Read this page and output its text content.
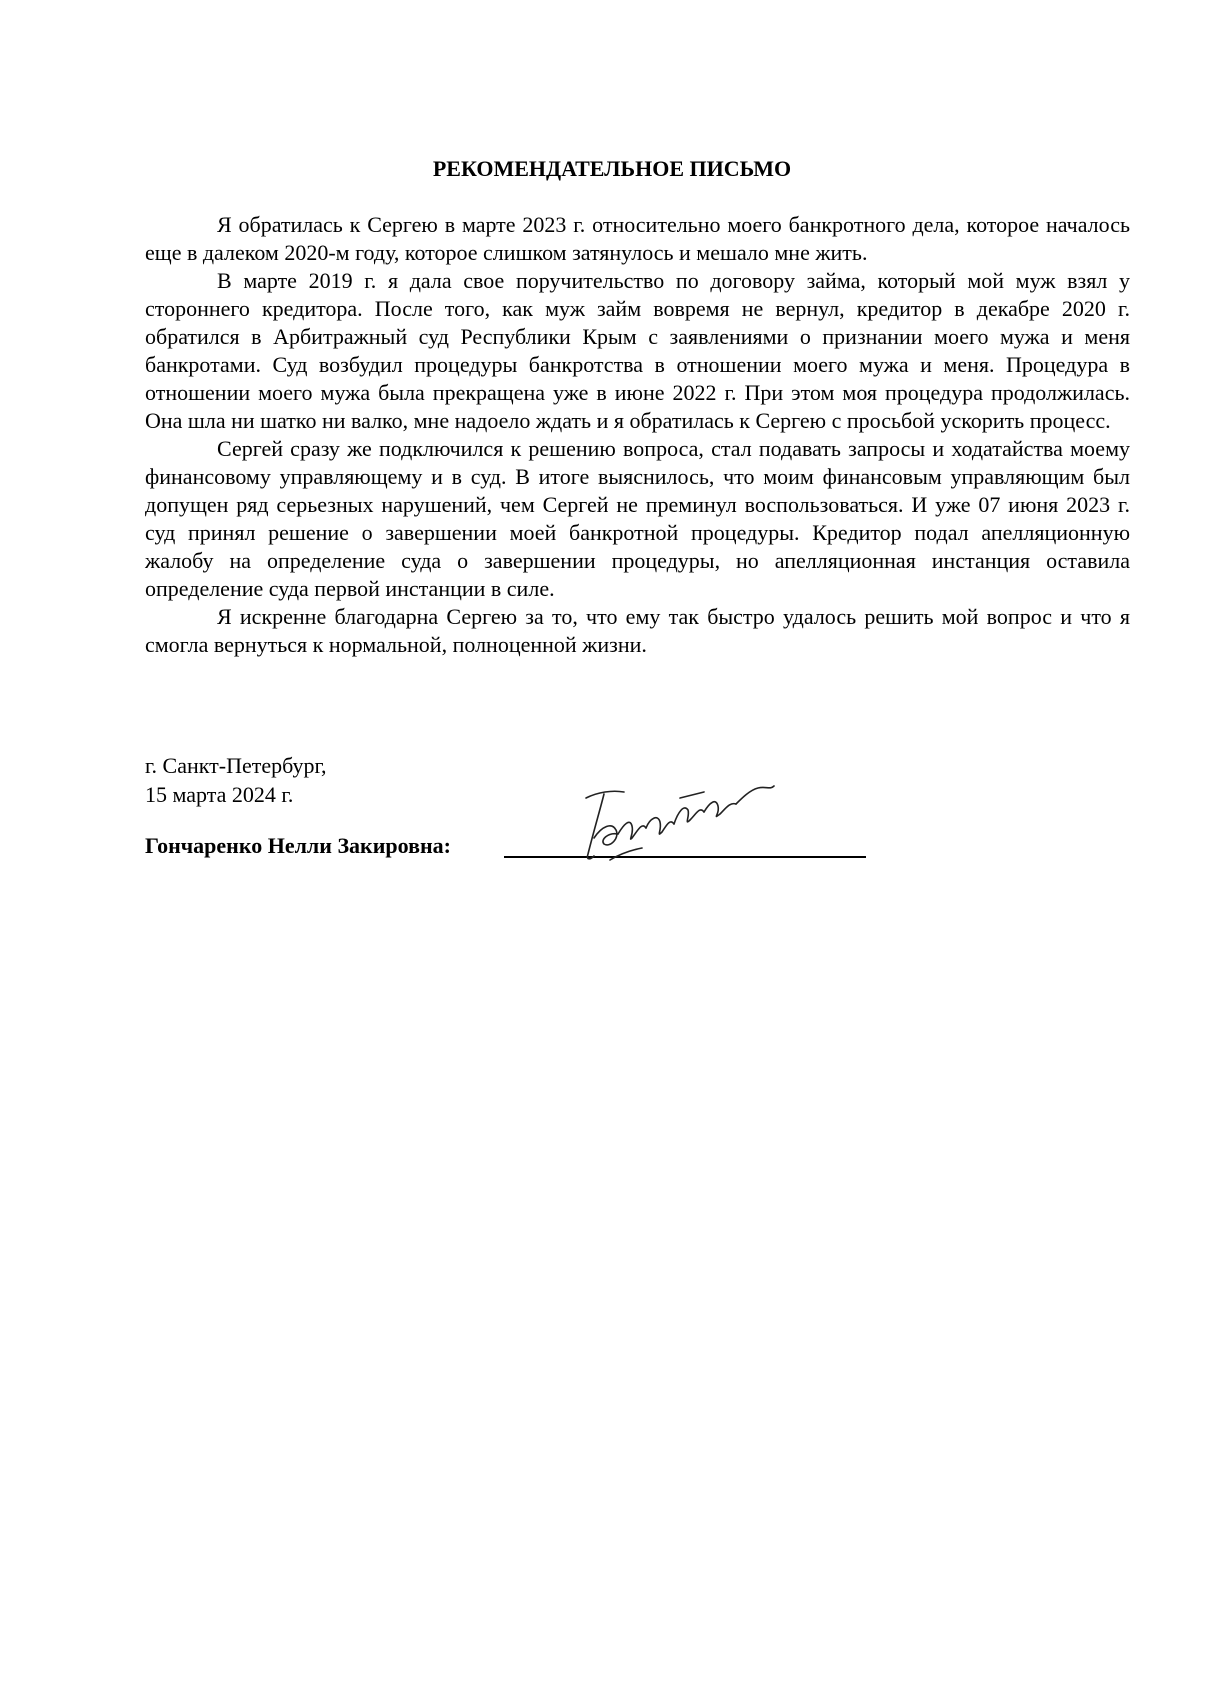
РЕКОМЕНДАТЕЛЬНОЕ ПИСЬМО

Я обратилась к Сергею в марте 2023 г. относительно моего банкротного дела, которое началось еще в далеком 2020-м году, которое слишком затянулось и мешало мне жить.

В марте 2019 г. я дала свое поручительство по договору займа, который мой муж взял у стороннего кредитора. После того, как муж займ вовремя не вернул, кредитор в декабре 2020 г. обратился в Арбитражный суд Республики Крым с заявлениями о признании моего мужа и меня банкротами. Суд возбудил процедуры банкротства в отношении моего мужа и меня. Процедура в отношении моего мужа была прекращена уже в июне 2022 г. При этом моя процедура продолжилась. Она шла ни шатко ни валко, мне надоело ждать и я обратилась к Сергею с просьбой ускорить процесс.

Сергей сразу же подключился к решению вопроса, стал подавать запросы и ходатайства моему финансовому управляющему и в суд. В итоге выяснилось, что моим финансовым управляющим был допущен ряд серьезных нарушений, чем Сергей не преминул воспользоваться. И уже 07 июня 2023 г. суд принял решение о завершении моей банкротной процедуры. Кредитор подал апелляционную жалобу на определение суда о завершении процедуры, но апелляционная инстанция оставила определение суда первой инстанции в силе.

Я искренне благодарна Сергею за то, что ему так быстро удалось решить мой вопрос и что я смогла вернуться к нормальной, полноценной жизни.

г. Санкт-Петербург,
15 марта 2024 г.
Гончаренко Нелли Закировна:
